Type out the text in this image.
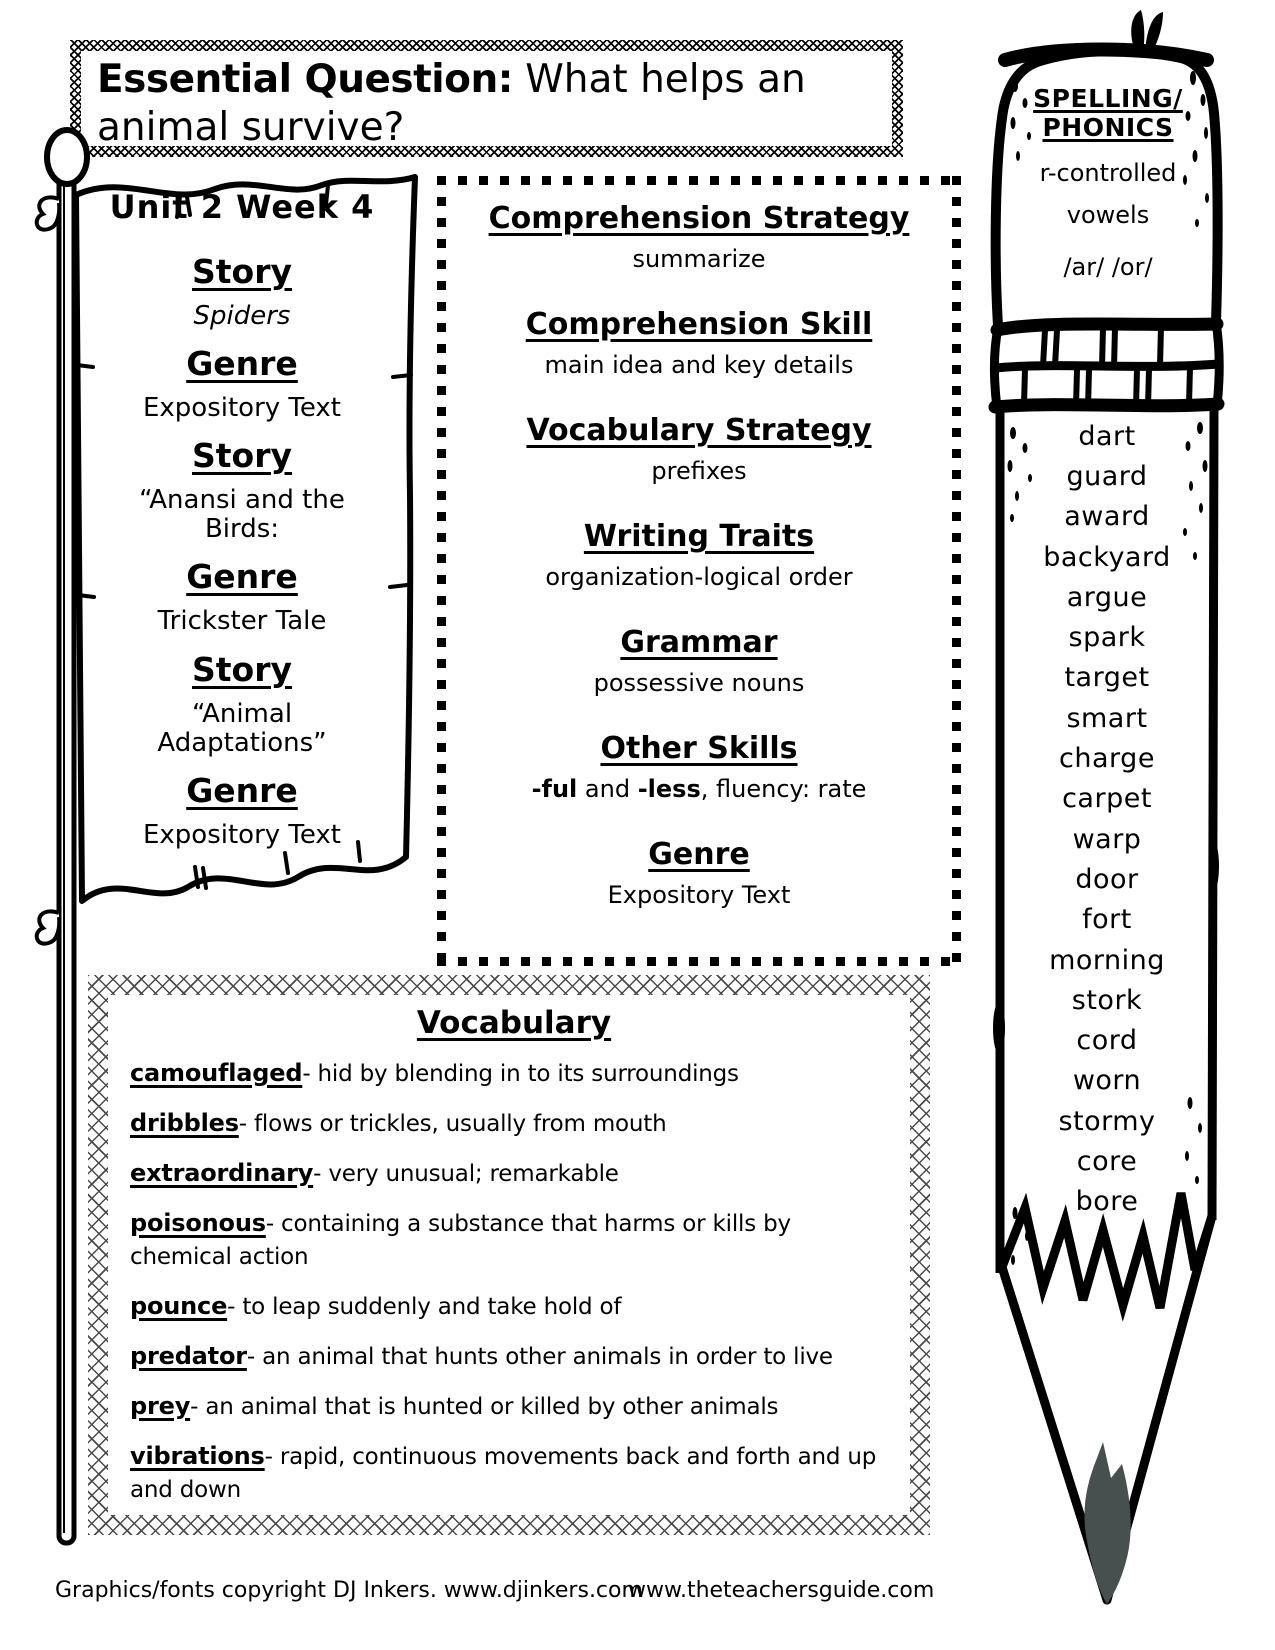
Essential Question: What helps an animal survive?
Unit 2 Week 4
Story
Spiders
Genre
Expository Text
Story
“Anansi and the
Birds:
Genre
Trickster Tale
Story
“Animal
Adaptations”
Genre
Expository Text
Comprehension Strategy
summarize
Comprehension Skill
main idea and key details
Vocabulary Strategy
prefixes
Writing Traits
organization-logical order
Grammar
possessive nouns
Other Skills
-ful and -less, fluency: rate
Genre
Expository Text
SPELLING/
PHONICS
r-controlled
vowels
/ar/ /or/
dart
guard
award
backyard
argue
spark
target
smart
charge
carpet
warp
door
fort
morning
stork
cord
worn
stormy
core
bore
Vocabulary

camouflaged- hid by blending in to its surroundings

dribbles- flows or trickles, usually from mouth

extraordinary- very unusual; remarkable

poisonous- containing a substance that harms or kills by chemical action

pounce- to leap suddenly and take hold of

predator- an animal that hunts other animals in order to live

prey- an animal that is hunted or killed by other animals

vibrations- rapid, continuous movements back and forth and up and down

Graphics/fonts copyright DJ Inkers. www.djinkers.com
www.theteachersguide.com
